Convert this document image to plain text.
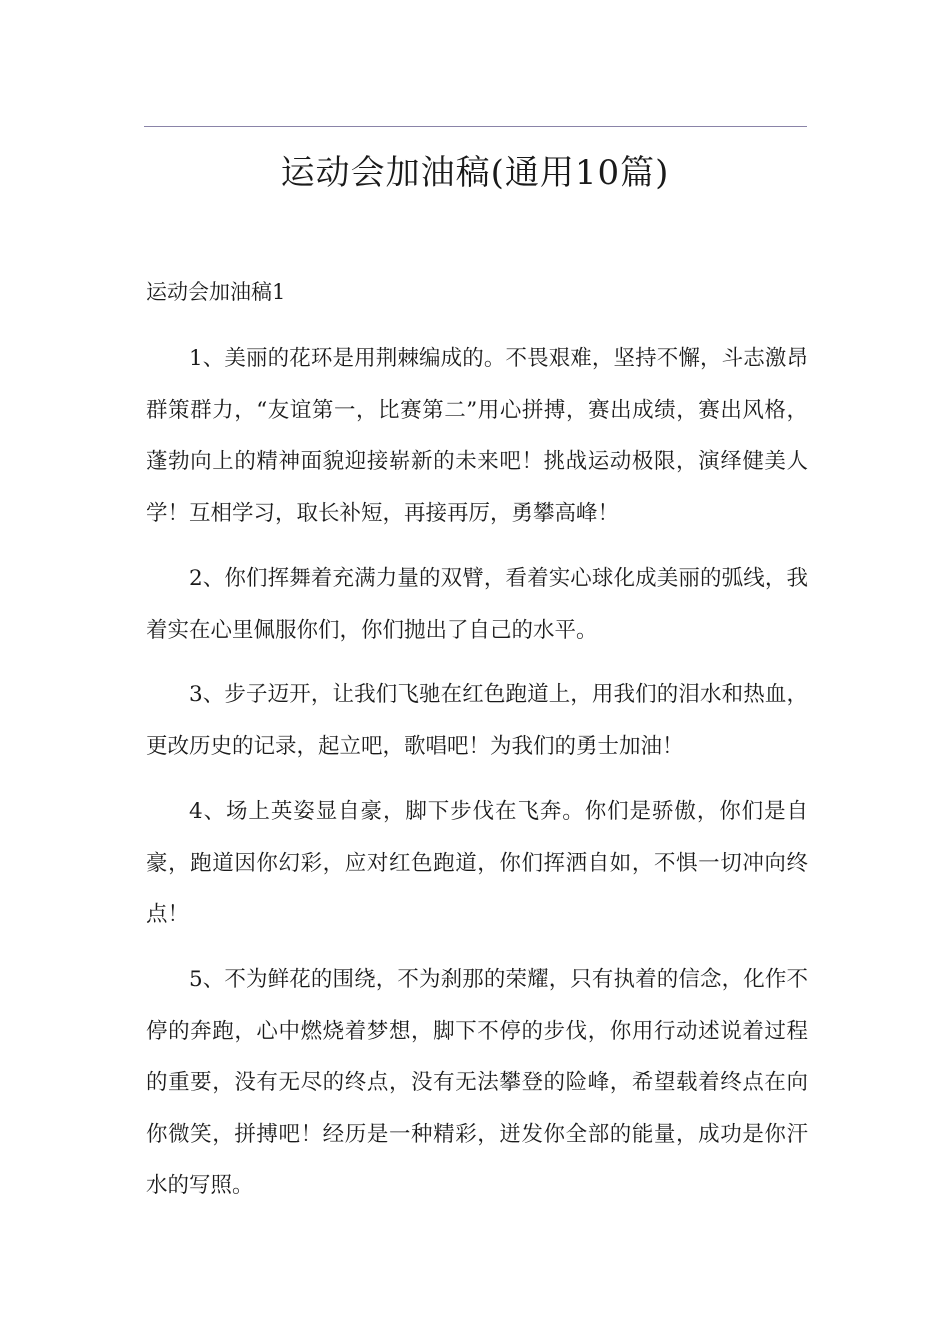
运动会加油稿(通用10篇)
运动会加油稿1

1、美丽的花环是用荆棘编成的。不畏艰难，坚持不懈，斗志激昂群策群力，“友谊第一，比赛第二”用心拼搏，赛出成绩，赛出风格，蓬勃向上的精神面貌迎接崭新的未来吧！挑战运动极限，演绎健美人学！互相学习，取长补短，再接再厉，勇攀高峰！

2、你们挥舞着充满力量的双臂，看着实心球化成美丽的弧线，我着实在心里佩服你们，你们抛出了自己的水平。

3、步子迈开，让我们飞驰在红色跑道上，用我们的泪水和热血，更改历史的记录，起立吧，歌唱吧！为我们的勇士加油！

4、场上英姿显自豪，脚下步伐在飞奔。你们是骄傲，你们是自豪，跑道因你幻彩，应对红色跑道，你们挥洒自如，不惧一切冲向终点！

5、不为鲜花的围绕，不为刹那的荣耀，只有执着的信念，化作不停的奔跑，心中燃烧着梦想，脚下不停的步伐，你用行动述说着过程的重要，没有无尽的终点，没有无法攀登的险峰，希望载着终点在向你微笑，拼搏吧！经历是一种精彩，迸发你全部的能量，成功是你汗水的写照。
